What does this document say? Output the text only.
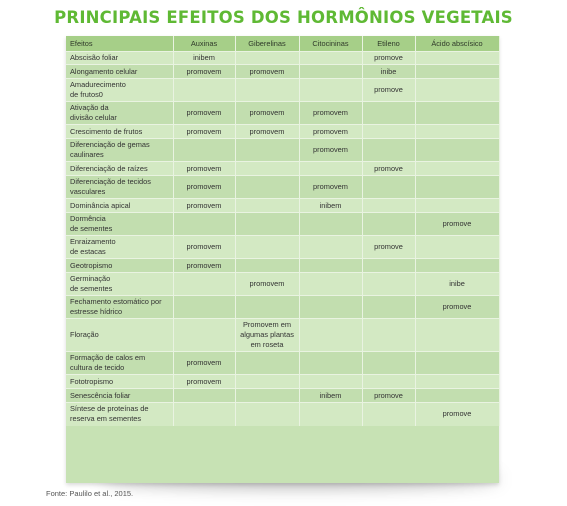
PRINCIPAIS EFEITOS DOS HORMÔNIOS VEGETAIS
Efeitos	Auxinas	Giberelinas	Citocininas	Etileno	Ácido abscísico
Abscisão foliar	inibem			promove	
Alongamento celular	promovem	promovem		inibe	
Amadurecimento
de frutos0				promove	
Ativação da
divisão celular	promovem	promovem	promovem		
Crescimento de frutos	promovem	promovem	promovem		
Diferenciação de gemas
caulinares			promovem		
Diferenciação de raízes	promovem			promove	
Diferenciação de tecidos
vasculares	promovem		promovem		
Dominância apical	promovem		inibem		
Dormência
de sementes					promove
Enraizamento
de estacas	promovem			promove	
Geotropismo	promovem				
Germinação
de sementes		promovem			inibe
Fechamento estomático por
estresse hídrico					promove
Floração		Promovem em algumas plantas em roseta			
Formação de calos em
cultura de tecido	promovem				
Fototropismo	promovem				
Senescência foliar			inibem	promove	
Síntese de proteínas de
reserva em sementes					promove
Fonte: Paulilo et al., 2015.
